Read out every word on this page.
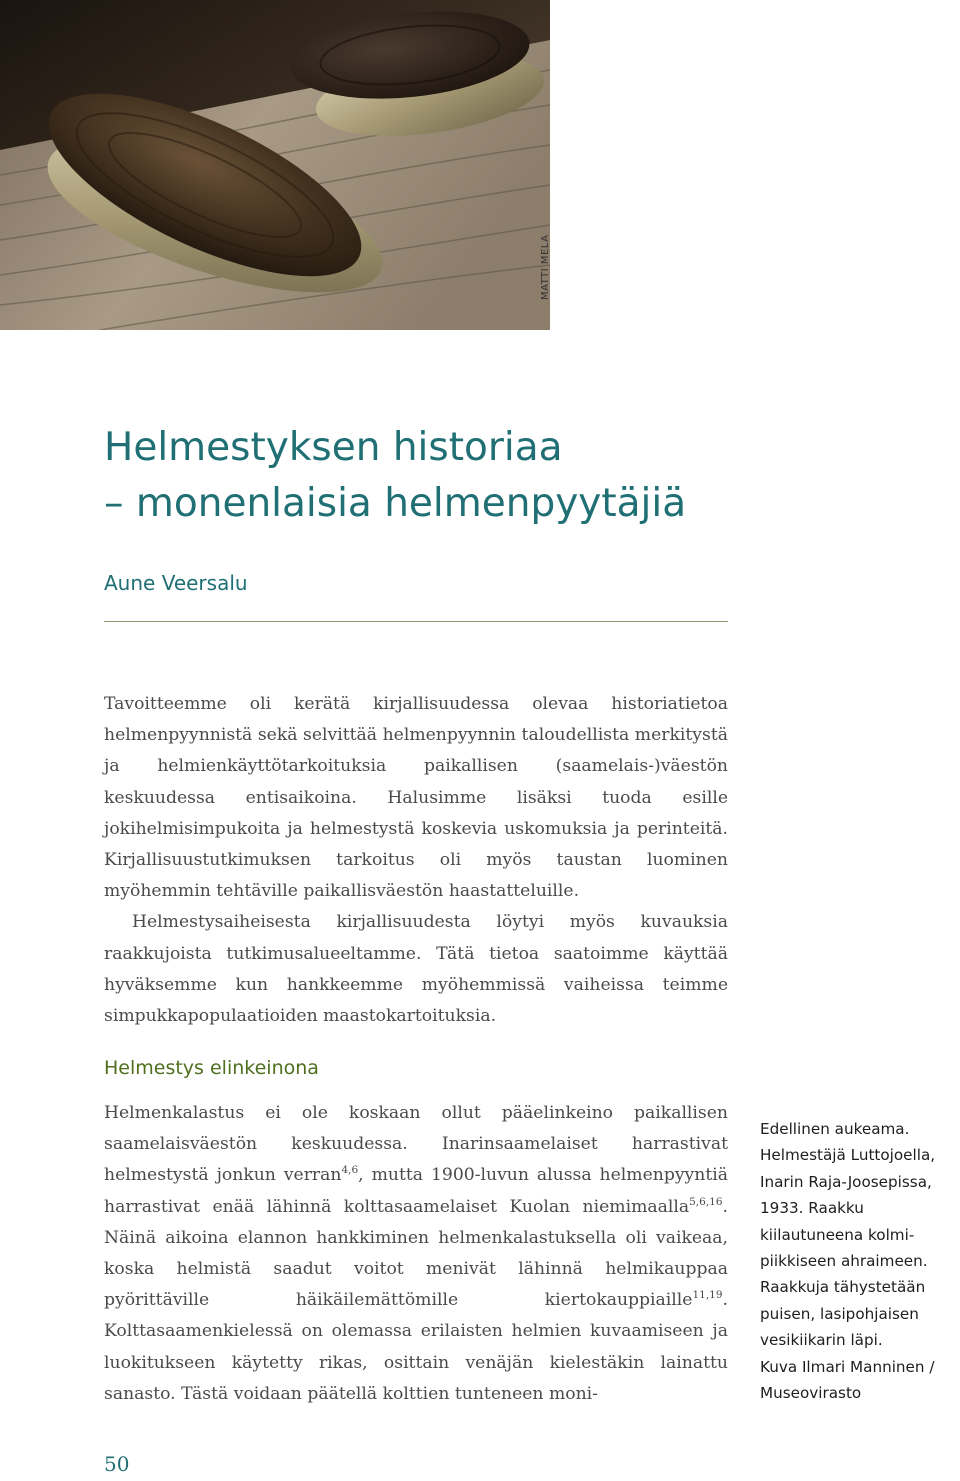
MATTI MELA
Helmestyksen historiaa
– monenlaisia helmenpyytäjiä
Aune Veersalu

Tavoitteemme oli kerätä kirjallisuudessa olevaa historiatietoa helmenpyynnistä sekä selvittää helmenpyynnin taloudellista merkitystä ja helmienkäyttötarkoituksia paikallisen (saamelais-)väestön keskuudessa entisaikoina. Halusimme lisäksi tuoda esille jokihelmisimpukoita ja helmestystä koskevia uskomuksia ja perinteitä. Kirjallisuustutkimuksen tarkoitus oli myös taustan luominen myöhemmin tehtäville paikallisväestön haastatteluille.

Helmestysaiheisesta kirjallisuudesta löytyi myös kuvauksia raakkujoista tutkimusalueeltamme. Tätä tietoa saatoimme käyttää hyväksemme kun hankkeemme myöhemmissä vaiheissa teimme simpukkapopulaatioiden maastokartoituksia.

Helmestys elinkeinona

Helmenkalastus ei ole koskaan ollut pääelinkeino paikallisen saamelaisväestön keskuudessa. Inarinsaamelaiset harrastivat helmestystä jonkun verran$^{4,6}$, mutta 1900-luvun alussa helmenpyyntiä harrastivat enää lähinnä kolttasaamelaiset Kuolan niemimaalla$^{5,6,16}$. Näinä aikoina elannon hankkiminen helmenkalastuksella oli vaikeaa, koska helmistä saadut voitot menivät lähinnä helmikauppaa pyörittäville häikäilemättömille kiertokauppiaille$^{11,19}$. Kolttasaamenkielessä on olemassa erilaisten helmien kuvaamiseen ja luokitukseen käytetty rikas, osittain venäjän kielestäkin lainattu sanasto. Tästä voidaan päätellä kolttien tunteneen moni-

Edellinen aukeama.
Helmestäjä Luttojoella,
Inarin Raja-Joosepissa,
1933. Raakku
kiilautuneena kolmi-
piikkiseen ahraimeen.
Raakkuja tähystetään
puisen, lasipohjaisen
vesikiikarin läpi.
Kuva Ilmari Manninen /
Museovirasto
50
